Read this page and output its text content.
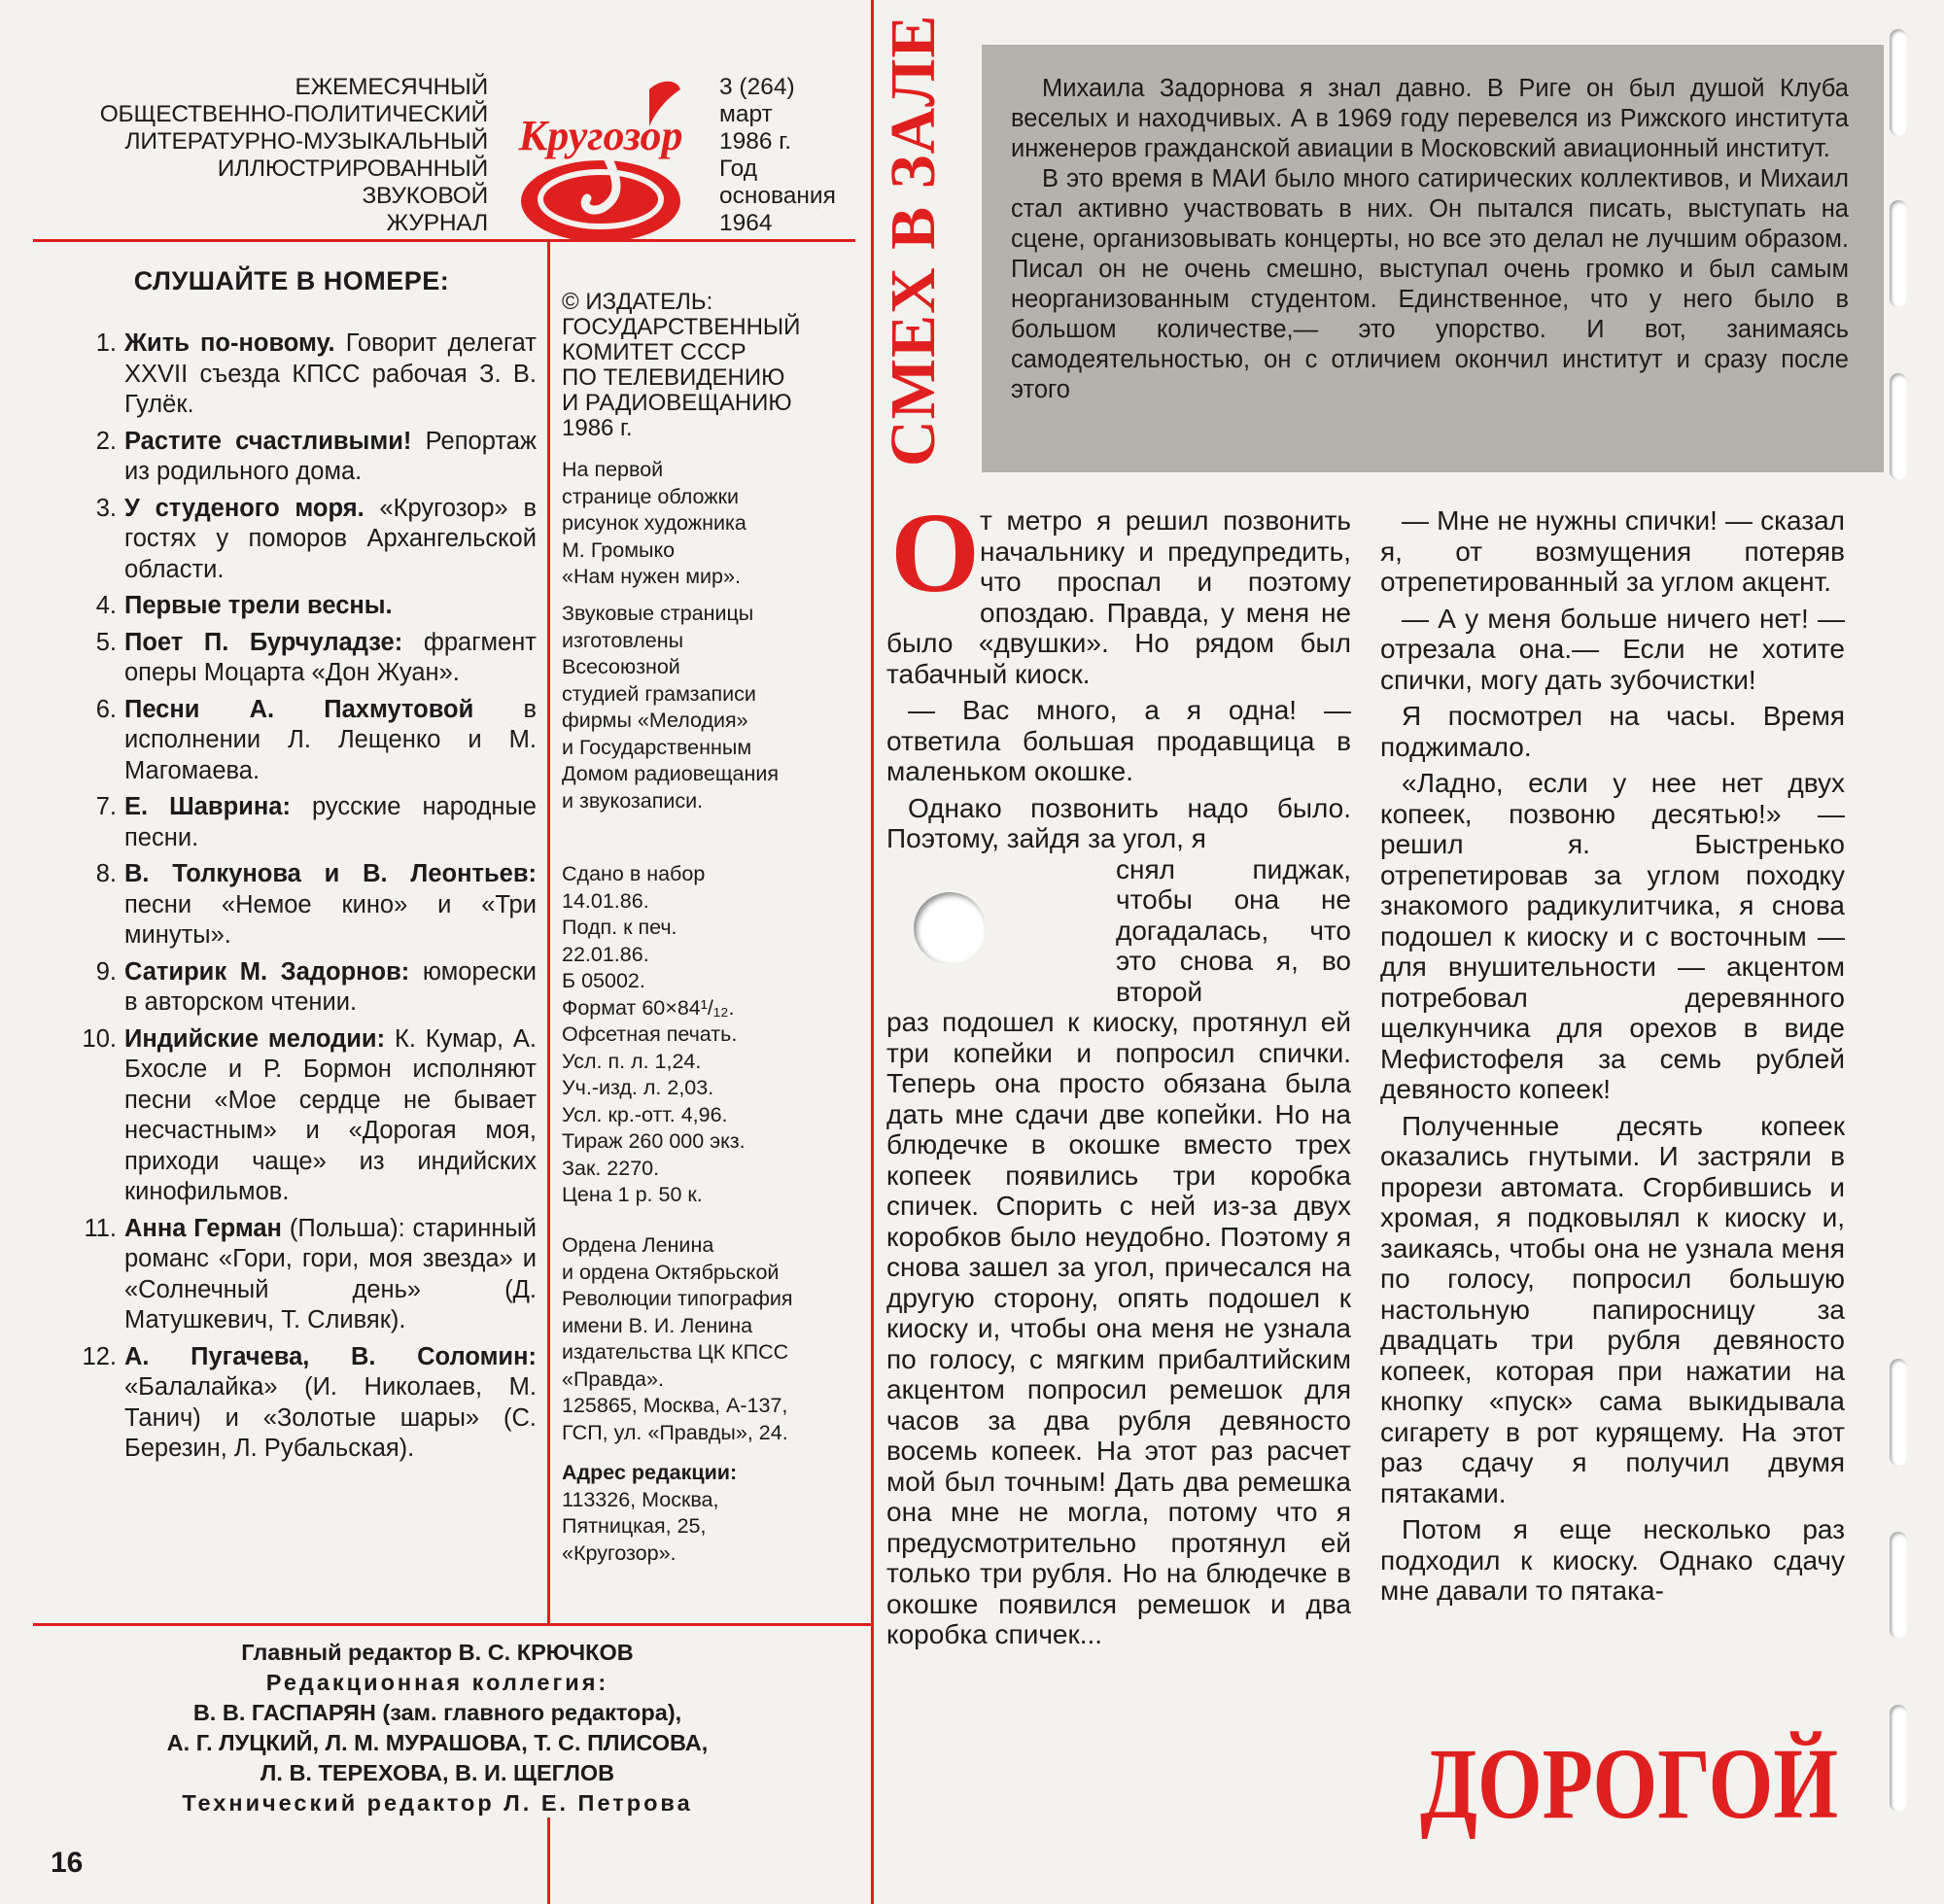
ЕЖЕМЕСЯЧНЫЙ
ОБЩЕСТВЕННО-ПОЛИТИЧЕСКИЙ
ЛИТЕРАТУРНО-МУЗЫКАЛЬНЫЙ
ИЛЛЮСТРИРОВАННЫЙ
ЗВУКОВОЙ
ЖУРНАЛ
Кругозор
3 (264)
март
1986 г.
Год
основания
1964
СЛУШАЙТЕ В НОМЕРЕ:
1. Жить по-новому. Говорит делегат XXVII съезда КПСС рабочая З. В. Гулёк.
2. Растите счастливыми! Репортаж из родильного дома.
3. У студеного моря. «Кругозор» в гостях у поморов Архангельской области.
4. Первые трели весны.
5. Поет П. Бурчуладзе: фрагмент оперы Моцарта «Дон Жуан».
6. Песни А. Пахмутовой в исполнении Л. Лещенко и М. Магомаева.
7. Е. Шаврина: русские народные песни.
8. В. Толкунова и В. Леонтьев: песни «Немое кино» и «Три минуты».
9. Сатирик М. Задорнов: юморески в авторском чтении.
10. Индийские мелодии: К. Кумар, А. Бхосле и Р. Бормон исполняют песни «Мое сердце не бывает несчастным» и «Дорогая моя, приходи чаще» из индийских кинофильмов.
11. Анна Герман (Польша): старинный романс «Гори, гори, моя звезда» и «Солнечный день» (Д. Матушкевич, Т. Сливяк).
12. А. Пугачева, В. Соломин: «Балалайка» (И. Николаев, М. Танич) и «Золотые шары» (С. Березин, Л. Рубальская).
© ИЗДАТЕЛЬ:
ГОСУДАРСТВЕННЫЙ
КОМИТЕТ СССР
ПО ТЕЛЕВИДЕНИЮ
И РАДИОВЕЩАНИЮ
1986 г.
На первой
странице обложки
рисунок художника
М. Громыко
«Нам нужен мир».
Звуковые страницы
изготовлены
Всесоюзной
студией грамзаписи
фирмы «Мелодия»
и Государственным
Домом радиовещания
и звукозаписи.
Сдано в набор
14.01.86.
Подп. к печ.
22.01.86.
Б 05002.
Формат 60×84¹/₁₂.
Офсетная печать.
Усл. п. л. 1,24.
Уч.-изд. л. 2,03.
Усл. кр.-отт. 4,96.
Тираж 260 000 экз.
Зак. 2270.
Цена 1 р. 50 к.
Ордена Ленина
и ордена Октябрьской
Революции типография
имени В. И. Ленина
издательства ЦК КПСС
«Правда».
125865, Москва, А-137,
ГСП, ул. «Правды», 24.
Адрес редакции:
113326, Москва,
Пятницкая, 25,
«Кругозор».
СМЕХ В ЗАЛЕ	Михаила Задорнова я знал давно. В Риге он был душой Клуба веселых и находчивых. А в 1969 году перевелся из Рижского института инженеров гражданской авиации в Московский авиационный институт.

В это время в МАИ было много сатирических коллективов, и Михаил стал активно участвовать в них. Он пытался писать, выступать на сцене, организовывать концерты, но все это делал не лучшим образом. Писал он не очень смешно, выступал очень громко и был самым неорганизованным студентом. Единственное, что у него было в большом количестве,— это упорство. И вот, занимаясь самодеятельностью, он с отличием окончил институт и сразу после этого

О т метро я решил позвонить начальнику и предупредить, что проспал и поэтому опоздаю. Правда, у меня не было «двушки». Но рядом был табачный киоск.

— Вас много, а я одна! — ответила большая продавщица в маленьком окошке.

Однако позвонить надо было. Поэтому, зайдя за угол, я

снял пиджак, чтобы она не догадалась, что это снова я, во второй

раз подошел к киоску, протянул ей три копейки и попросил спички. Теперь она просто обязана была дать мне сдачи две копейки. Но на блюдечке в окошке вместо трех копеек появились три коробка спичек. Спорить с ней из-за двух коробков было неудобно. Поэтому я снова зашел за угол, причесался на другую сторону, опять подошел к киоску и, чтобы она меня не узнала по голосу, с мягким прибалтийским акцентом попросил ремешок для часов за два рубля девяносто восемь копеек. На этот раз расчет мой был точным! Дать два ремешка она мне не могла, потому что я предусмотрительно протянул ей только три рубля. Но на блюдечке в окошке появился ремешок и два коробка спичек...

— Мне не нужны спички! — сказал я, от возмущения потеряв отрепетированный за углом акцент.

— А у меня больше ничего нет! — отрезала она.— Если не хотите спички, могу дать зубочистки!

Я посмотрел на часы. Время поджимало.

«Ладно, если у нее нет двух копеек, позвоню десятью!» — решил я. Быстренько отрепетировав за углом походку знакомого радикулитчика, я снова подошел к киоску и с восточным — для внушительности — акцентом потребовал деревянного щелкунчика для орехов в виде Мефистофеля за семь рублей девяносто копеек!

Полученные десять копеек оказались гнутыми. И застряли в прорези автомата. Сгорбившись и хромая, я подковылял к киоску и, заикаясь, чтобы она не узнала меня по голосу, попросил большую настольную папиросницу за двадцать три рубля девяносто копеек, которая при нажатии на кнопку «пуск» сама выкидывала сигарету в рот курящему. На этот раз сдачу я получил двумя пятаками.

Потом я еще несколько раз подходил к киоску. Однако сдачу мне давали то пятака-

ДОРОГОЙ
Главный редактор В. С. КРЮЧКОВ
Редакционная коллегия:
В. В. ГАСПАРЯН (зам. главного редактора),
А. Г. ЛУЦКИЙ, Л. М. МУРАШОВА, Т. С. ПЛИСОВА,
Л. В. ТЕРЕХОВА, В. И. ЩЕГЛОВ
Технический редактор Л. Е. Петрова
16
